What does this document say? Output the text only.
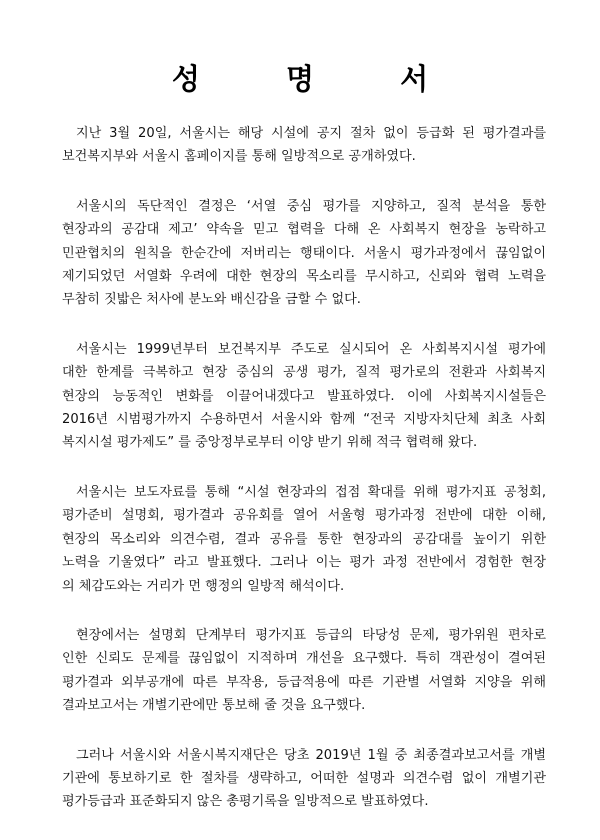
성 명 서

지난 3월 20일, 서울시는 해당 시설에 공지 절차 없이 등급화 된 평가결과를
보건복지부와 서울시 홈페이지를 통해 일방적으로 공개하였다.

서울시의 독단적인 결정은 ‘서열 중심 평가를 지양하고, 질적 분석을 통한
현장과의 공감대 제고’ 약속을 믿고 협력을 다해 온 사회복지 현장을 농락하고
민관협치의 원칙을 한순간에 저버리는 행태이다. 서울시 평가과정에서 끊임없이
제기되었던 서열화 우려에 대한 현장의 목소리를 무시하고, 신뢰와 협력 노력을
무참히 짓밟은 처사에 분노와 배신감을 금할 수 없다.

서울시는 1999년부터 보건복지부 주도로 실시되어 온 사회복지시설 평가에
대한 한계를 극복하고 현장 중심의 공생 평가, 질적 평가로의 전환과 사회복지
현장의 능동적인 변화를 이끌어내겠다고 발표하였다. 이에 사회복지시설들은
2016년 시범평가까지 수용하면서 서울시와 함께 “전국 지방자치단체 최초 사회
복지시설 평가제도” 를 중앙정부로부터 이양 받기 위해 적극 협력해 왔다.

서울시는 보도자료를 통해 “시설 현장과의 접점 확대를 위해 평가지표 공청회,
평가준비 설명회, 평가결과 공유회를 열어 서울형 평가과정 전반에 대한 이해,
현장의 목소리와 의견수렴, 결과 공유를 통한 현장과의 공감대를 높이기 위한
노력을 기울였다” 라고 발표했다. 그러나 이는 평가 과정 전반에서 경험한 현장
의 체감도와는 거리가 먼 행정의 일방적 해석이다.

현장에서는 설명회 단계부터 평가지표 등급의 타당성 문제, 평가위원 편차로
인한 신뢰도 문제를 끊임없이 지적하며 개선을 요구했다. 특히 객관성이 결여된
평가결과 외부공개에 따른 부작용, 등급적용에 따른 기관별 서열화 지양을 위해
결과보고서는 개별기관에만 통보해 줄 것을 요구했다.

그러나 서울시와 서울시복지재단은 당초 2019년 1월 중 최종결과보고서를 개별
기관에 통보하기로 한 절차를 생략하고, 어떠한 설명과 의견수렴 없이 개별기관
평가등급과 표준화되지 않은 총평기록을 일방적으로 발표하였다.
